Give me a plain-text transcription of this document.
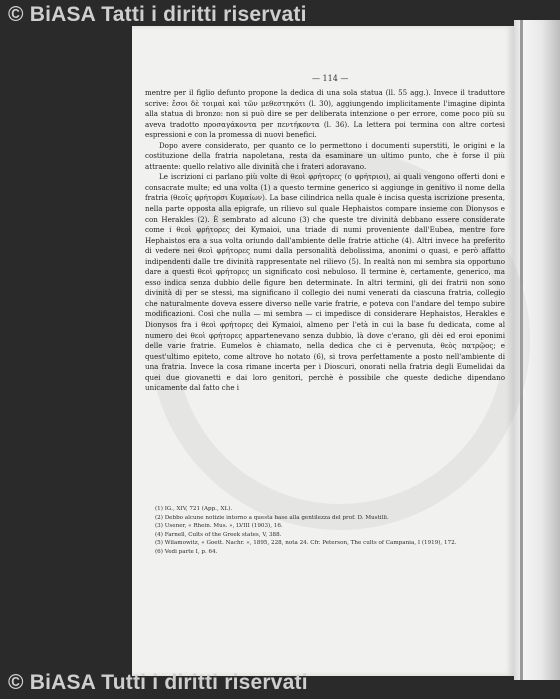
© BiASA Tatti i diritti riservati
— 114 —

mentre per il figlio defunto propone la dedica di una sola statua (ll. 55 agg.). Invece il traduttore scrive: ἔσοι δὲ τοιμαὶ καὶ τῶν μεθεστηκότι (l. 30), aggiungendo implicitamente l'imagine dipinta alla statua di bronzo: non si può dire se per deliberata intenzione o per errore, come poco più su aveva tradotto προσαγάκοντα per πεντήκοντα (l. 36). La lettera poi termina con altre cortesi espressioni e con la promessa di nuovi benefici.

Dopo avere considerato, per quanto ce lo permettono i documenti superstiti, le origini e la costituzione della fratria napoletana, resta da esaminare un ultimo punto, che è forse il più attraente: quello relativo alle divinità che i frateri adoravano.

Le iscrizioni ci parlano più volte di θεοὶ φρήτορες (ο φρήτριοι), ai quali vengono offerti doni e consacrate multe; ed una volta (1) a questo termine generico si aggiunge in genitivo il nome della fratria (θεοῖς φρήτορσι Κυμαίων). La base cilindrica nella quale è incisa questa iscrizione presenta, nella parte opposta alla epigrafe, un rilievo sul quale Hephaistos compare insieme con Dionysos e con Herakles (2). È sembrato ad alcuno (3) che queste tre divinità debbano essere considerate come i θεοὶ φρήτορες dei Kymaioi, una triade di numi proveniente dall'Eubea, mentre fore Hephaistos era a sua volta oriundo dall'ambiente delle fratrie attiche (4). Altri invece ha preferito di vedere nei θεοὶ φρήτορες numi dalla personalità debolissima, anonimi o quasi, e però affatto indipendenti dalle tre divinità rappresentate nel rilievo (5). In realtà non mi sembra sia opportuno dare a questi θεοὶ φρήτορες un significato così nebuloso. Il termine è, certamente, generico, ma esso indica senza dubbio delle figure ben determinate. In altri termini, gli dei fratrii non sono divinità di per se stessi, ma significano il collegio dei numi venerati da ciascuna fratria, collegio che naturalmente doveva essere diverso nelle varie fratrie, e poteva con l'andare del tempo subire modificazioni. Così che nulla — mi sembra — ci impedisce di considerare Hephaistos, Herakles e Dionysos fra i θεοὶ φρήτορες dei Kymaioi, almeno per l'età in cui la base fu dedicata, come al numero dei θεοὶ φρήτορες appartenevano senza dubbio, là dove c'erano, gli dèi ed eroi eponimi delle varie fratrie. Eumelos è chiamato, nella dedica che ci è pervenuta, θεὸς πατρῷος; e quest'ultimo epiteto, come altrove ho notato (6), si trova perfettamente a posto nell'ambiente di una fratria. Invece la cosa rimane incerta per i Dioscuri, onorati nella fratria degli Eumelidai da quei due giovanetti e dai loro genitori, perchè è possibile che queste dediche dipendano unicamente dal fatto che i

(1) IG., XIV, 721 (App., XL).
(2) Debbo alcune notizie intorno a questa base alla gentilezza del prof. D. Mustilli.
(3) Usener, « Rhein. Mus. », LVIII (1903), 16.
(4) Farnell, Cults of the Greek states, V, 388.
(5) Wilamowitz, « Goett. Nachr. », 1895, 228, nota 24. Cfr. Peterson, The cults of Campania, I (1919), 172.
(6) Vedi parte I, p. 64.
© BiASA Tutti i diritti riservati
